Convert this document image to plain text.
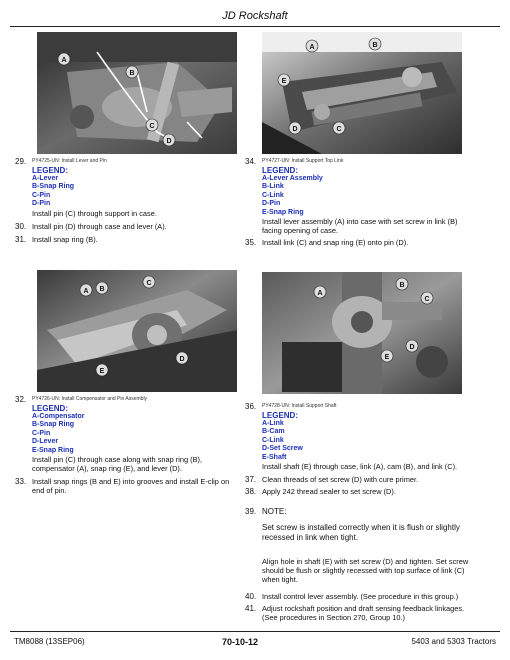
JD Rockshaft
A
B
C
D
A	B
C
D
E
29. PY4725-UN: Install Lever and Pin
LEGEND:
A-Lever
B-Snap Ring
C-Pin
D-Pin
Install pin (C) through support in case.
30. Install pin (D) through case and lever (A).
31. Install snap ring (B).
34. PY4727-UN: Install Support Top Link
LEGEND:
A-Lever Assembly
B-Link
C-Link
D-Pin
E-Snap Ring
Install lever assembly (A) into case with set screw in link (B) facing opening of case.
35. Install link (C) and snap ring (E) onto pin (D).
A B
C
D
E
A
B
C
D
E
32. PY4726-UN: Install Compensator and Pin Assembly
LEGEND:
A-Compensator
B-Snap Ring
C-Pin
D-Lever
E-Snap Ring
Install pin (C) through case along with snap ring (B), compensator (A), snap ring (E), and lever (D).
33. Install snap rings (B and E) into grooves and install E-clip on end of pin.
36. PY4728-UN: Install Support Shaft
LEGEND:
A-Link
B-Cam
C-Link
D-Set Screw
E-Shaft
Install shaft (E) through case, link (A), cam (B), and link (C).
37. Clean threads of set screw (D) with cure primer.
38. Apply 242 thread sealer to set screw (D).
39. NOTE:
Set screw is installed correctly when it is flush or slightly recessed in link when tight.
Align hole in shaft (E) with set screw (D) and tighten. Set screw should be flush or slightly recessed with top surface of link (C) when tight.
40. Install control lever assembly. (See procedure in this group.)
41. Adjust rockshaft position and draft sensing feedback linkages. (See procedures in Section 270, Group 10.)
TM8088 (13SEP06)	70-10-12	5403 and 5303 Tractors
